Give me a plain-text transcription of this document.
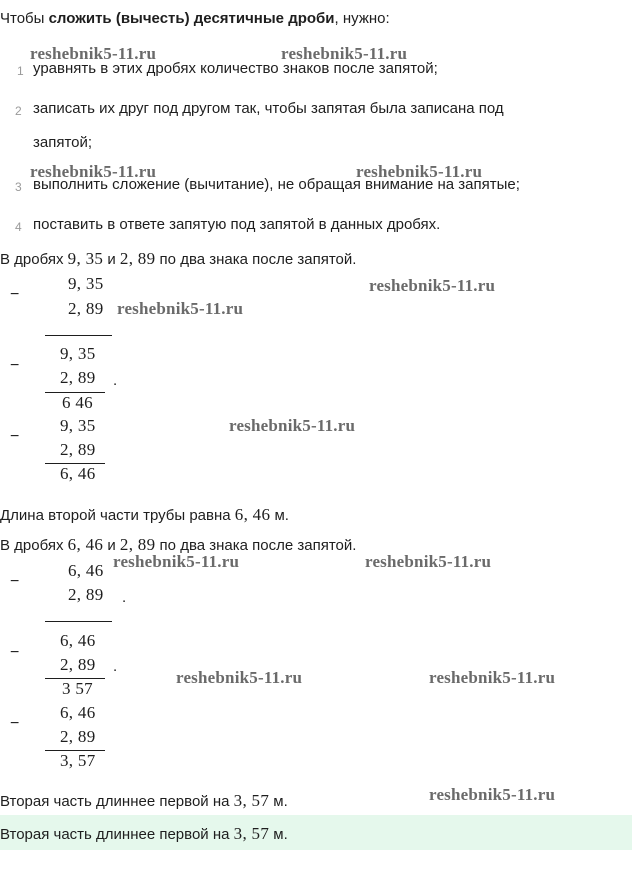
Чтобы сложить (вычесть) десятичные дроби, нужно:
reshebnik5-11.ru	reshebnik5-11.ru
reshebnik5-11.ru	reshebnik5-11.ru
reshebnik5-11.ru
reshebnik5-11.ru
reshebnik5-11.ru
reshebnik5-11.ru	reshebnik5-11.ru
reshebnik5-11.ru	reshebnik5-11.ru
reshebnik5-11.ru
1 уравнять в этих дробях количество знаков после запятой;
2 записать их друг под другом так, чтобы запятая была записана под
запятой;
3 выполнить сложение (вычитание), не обращая внимание на запятые;
4 поставить в ответе запятую под запятой в данных дробях.
В дробях 9, 35 и 2, 89 по два знака после запятой.
−
9, 35
2, 89
−
9, 35
2, 89 .
6 46
−
9, 35
2, 89
6, 46
Длина второй части трубы равна 6, 46 м.
В дробях 6, 46 и 2, 89 по два знака после запятой.
−
6, 46
2, 89 .
−
6, 46
2, 89 .
3 57
−
6, 46
2, 89
3, 57
Вторая часть длиннее первой на 3, 57 м.
Вторая часть длиннее первой на 3, 57 м.
